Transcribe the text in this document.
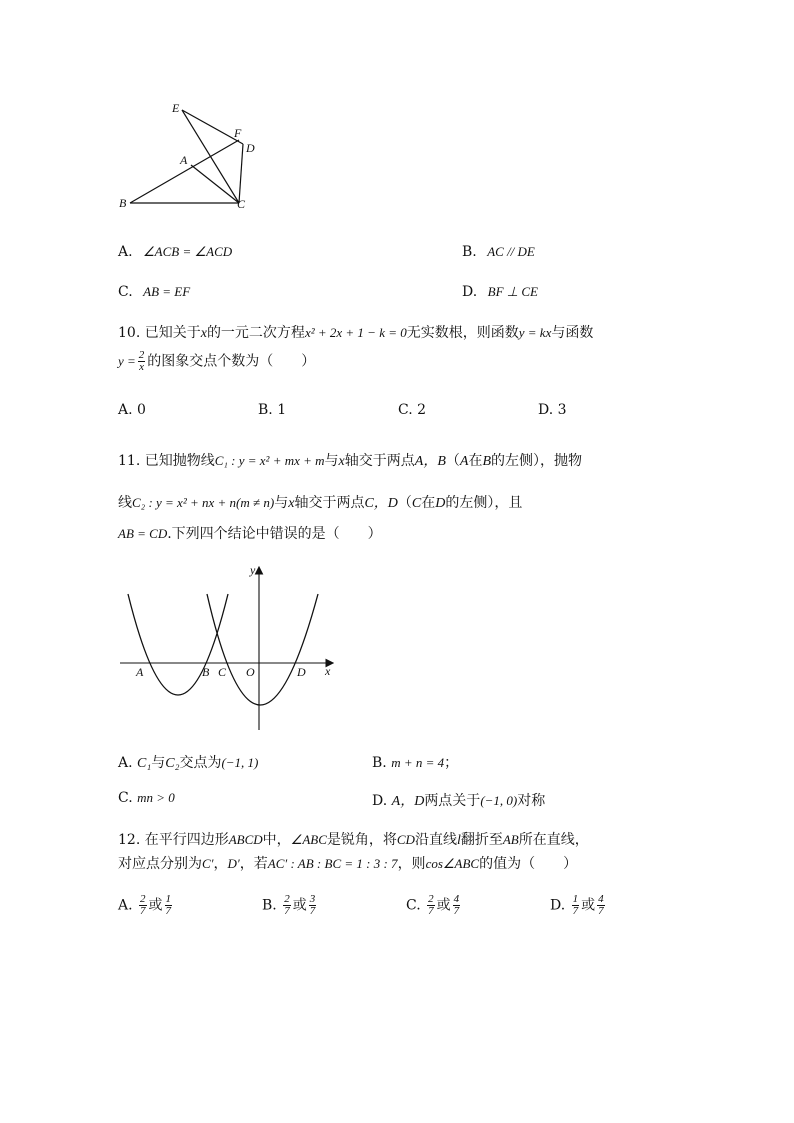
E
F
D
A
B	C
A. ∠ACB = ∠ACD	B. AC // DE
C. AB = EF	D. BF ⊥ CE
10. 已知关于x的一元二次方程x² + 2x + 1 − k = 0无实数根，则函数y = kx与函数
$y = \frac{2}{x}$ 的图象交点个数为（　　）
A. 0	B. 1	C. 2	D. 3
11. 已知抛物线C₁ : y = x² + mx + m与x轴交于两点A，B（A在B的左侧），抛物
线C₂ : y = x² + nx + n(m ≠ n)与x轴交于两点C，D（C在D的左侧），且
AB = CD.下列四个结论中错误的是（　　）
y
x
A	B C O	D
A. C₁与C₂交点为(−1, 1)	B. m + n = 4；
C. mn > 0	D. A，D两点关于(−1, 0)对称
12. 在平行四边形ABCD中，∠ABC是锐角，将CD沿直线l翻折至AB所在直线，
对应点分别为C′，D′，若AC′ : AB : BC = 1 : 3 : 7，则cos∠ABC的值为（　　）
A. $\frac{2}{7}$ 或 $\frac{1}{7}$	B. $\frac{2}{7}$ 或 $\frac{3}{7}$	C. $\frac{2}{7}$ 或 $\frac{4}{7}$	D. $\frac{1}{7}$ 或 $\frac{4}{7}$
